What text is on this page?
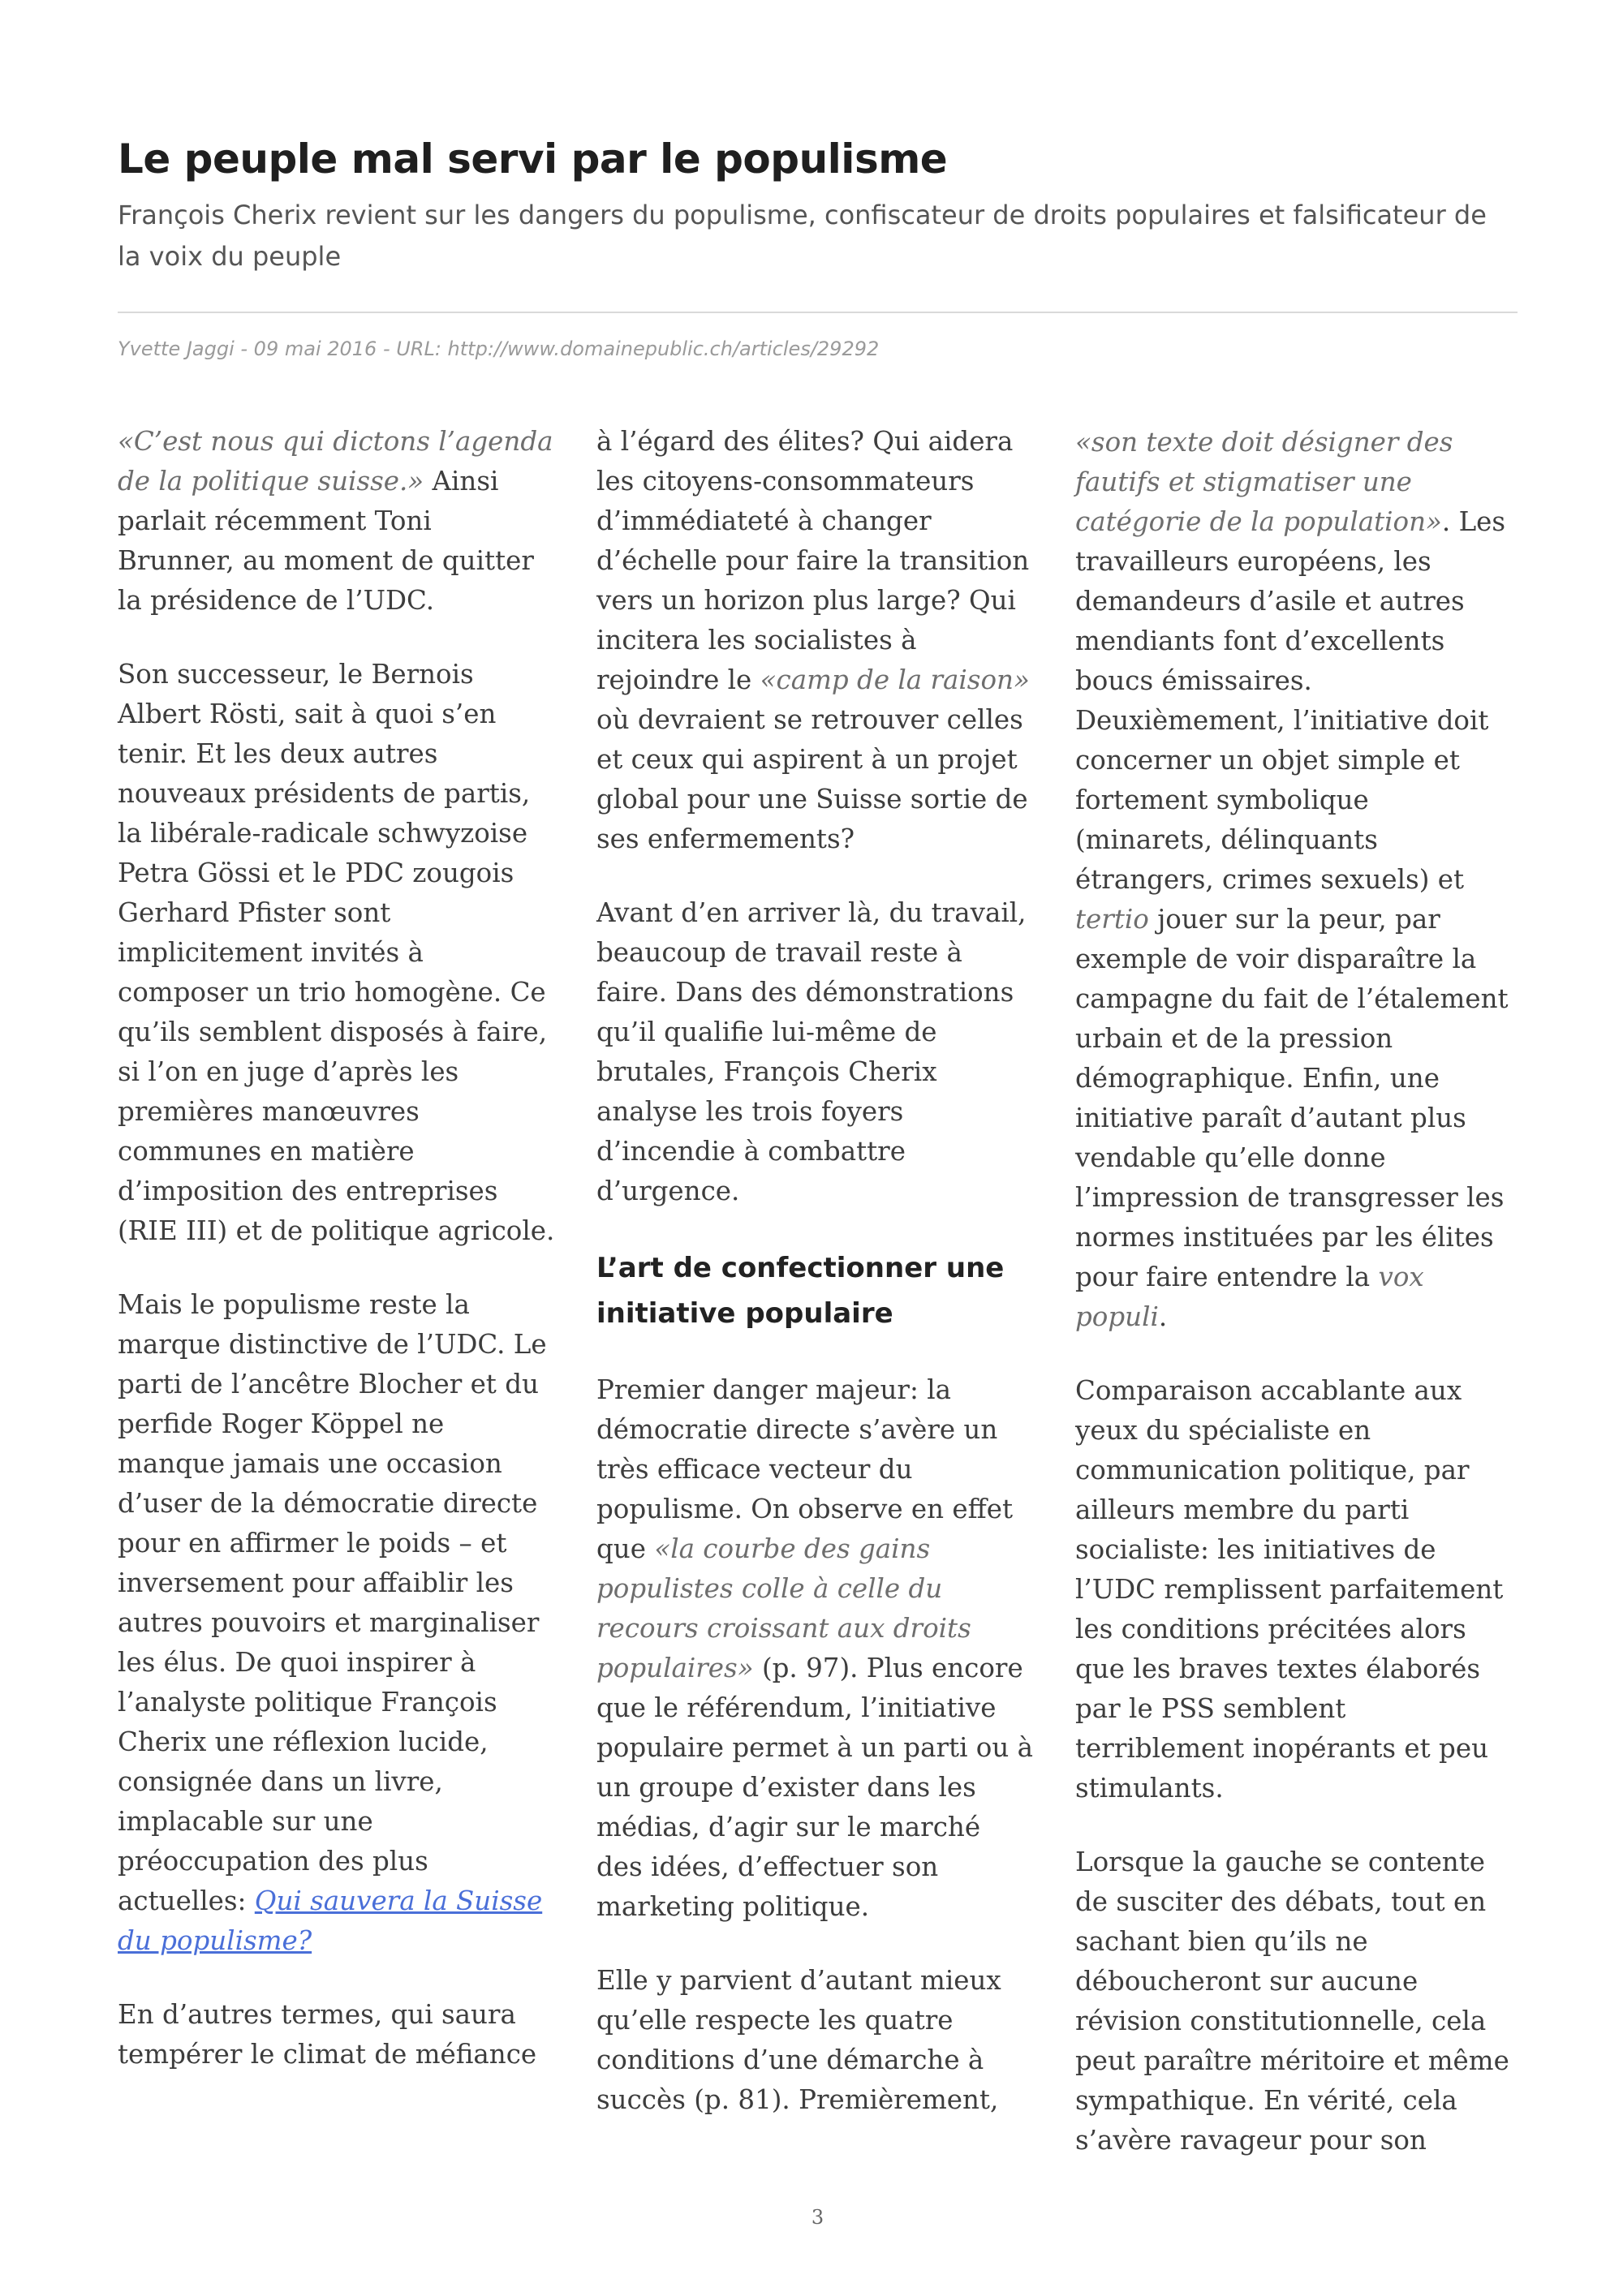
Le peuple mal servi par le populisme

François Cherix revient sur les dangers du populisme, confiscateur de droits populaires et falsificateur de la voix du peuple

Yvette Jaggi - 09 mai 2016 - URL: http://www.domainepublic.ch/articles/29292

«C’est nous qui dictons l’agenda de la politique suisse.» Ainsi parlait récemment Toni Brunner, au moment de quitter la présidence de l’UDC.

Son successeur, le Bernois Albert Rösti, sait à quoi s’en tenir. Et les deux autres nouveaux présidents de partis, la libérale-radicale schwyzoise Petra Gössi et le PDC zougois Gerhard Pfister sont implicitement invités à composer un trio homogène. Ce qu’ils semblent disposés à faire, si l’on en juge d’après les premières manœuvres communes en matière d’imposition des entreprises (RIE III) et de politique agricole.

Mais le populisme reste la marque distinctive de l’UDC. Le parti de l’ancêtre Blocher et du perfide Roger Köppel ne manque jamais une occasion d’user de la démocratie directe pour en affirmer le poids – et inversement pour affaiblir les autres pouvoirs et marginaliser les élus. De quoi inspirer à l’analyste politique François Cherix une réflexion lucide, consignée dans un livre, implacable sur une préoccupation des plus actuelles: Qui sauvera la Suisse du populisme?

En d’autres termes, qui saura tempérer le climat de méfiance

à l’égard des élites? Qui aidera les citoyens-consommateurs d’immédiateté à changer d’échelle pour faire la transition vers un horizon plus large? Qui incitera les socialistes à rejoindre le «camp de la raison» où devraient se retrouver celles et ceux qui aspirent à un projet global pour une Suisse sortie de ses enfermements?

Avant d’en arriver là, du travail, beaucoup de travail reste à faire. Dans des démonstrations qu’il qualifie lui-même de brutales, François Cherix analyse les trois foyers d’incendie à combattre d’urgence.

L’art de confectionner une initiative populaire

Premier danger majeur: la démocratie directe s’avère un très efficace vecteur du populisme. On observe en effet que «la courbe des gains populistes colle à celle du recours croissant aux droits populaires» (p. 97). Plus encore que le référendum, l’initiative populaire permet à un parti ou à un groupe d’exister dans les médias, d’agir sur le marché des idées, d’effectuer son marketing politique.

Elle y parvient d’autant mieux qu’elle respecte les quatre conditions d’une démarche à succès (p. 81). Premièrement,

«son texte doit désigner des fautifs et stigmatiser une catégorie de la population». Les travailleurs européens, les demandeurs d’asile et autres mendiants font d’excellents boucs émissaires. Deuxièmement, l’initiative doit concerner un objet simple et fortement symbolique (minarets, délinquants étrangers, crimes sexuels) et tertio jouer sur la peur, par exemple de voir disparaître la campagne du fait de l’étalement urbain et de la pression démographique. Enfin, une initiative paraît d’autant plus vendable qu’elle donne l’impression de transgresser les normes instituées par les élites pour faire entendre la vox populi.

Comparaison accablante aux yeux du spécialiste en communication politique, par ailleurs membre du parti socialiste: les initiatives de l’UDC remplissent parfaitement les conditions précitées alors que les braves textes élaborés par le PSS semblent terriblement inopérants et peu stimulants.

Lorsque la gauche se contente de susciter des débats, tout en sachant bien qu’ils ne déboucheront sur aucune révision constitutionnelle, cela peut paraître méritoire et même sympathique. En vérité, cela s’avère ravageur pour son

3
